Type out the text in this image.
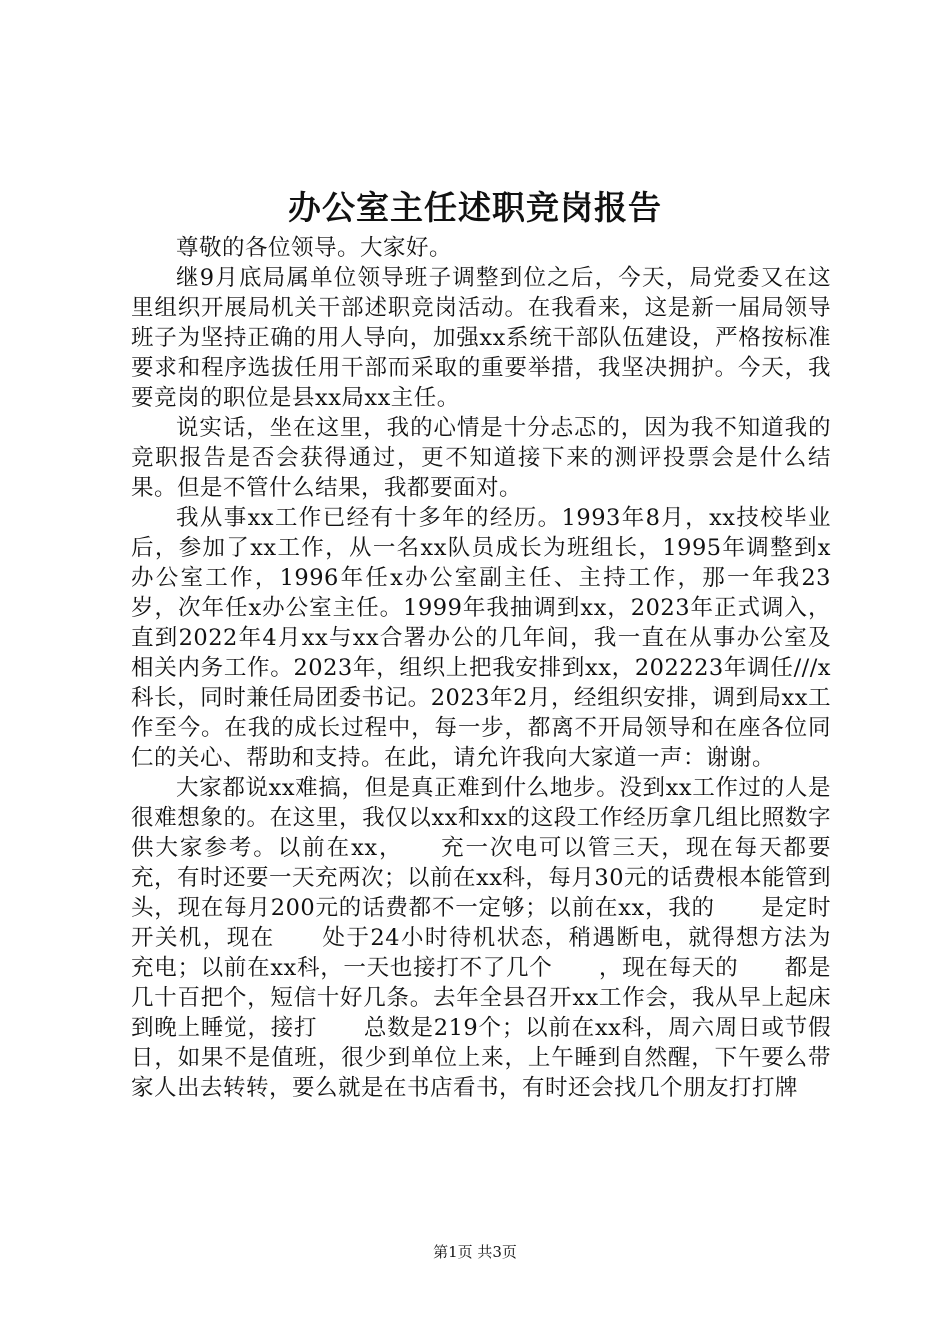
办公室主任述职竞岗报告

尊敬的各位领导。大家好。

继9月底局属单位领导班子调整到位之后，今天，局党委又在这里组织开展局机关干部述职竞岗活动。在我看来，这是新一届局领导班子为坚持正确的用人导向，加强xx系统干部队伍建设，严格按标准要求和程序选拔任用干部而采取的重要举措，我坚决拥护。今天，我要竞岗的职位是县xx局xx主任。

说实话，坐在这里，我的心情是十分忐忑的，因为我不知道我的竞职报告是否会获得通过，更不知道接下来的测评投票会是什么结果。但是不管什么结果，我都要面对。

我从事xx工作已经有十多年的经历。1993年8月，xx技校毕业后，参加了xx工作，从一名xx队员成长为班组长，1995年调整到x办公室工作，1996年任x办公室副主任、主持工作，那一年我23岁，次年任x办公室主任。1999年我抽调到xx，2023年正式调入，直到2022年4月xx与xx合署办公的几年间，我一直在从事办公室及相关内务工作。2023年，组织上把我安排到xx，202223年调任///x科长，同时兼任局团委书记。2023年2月，经组织安排，调到局xx工作至今。在我的成长过程中，每一步，都离不开局领导和在座各位同仁的关心、帮助和支持。在此，请允许我向大家道一声：谢谢。

大家都说xx难搞，但是真正难到什么地步。没到xx工作过的人是很难想象的。在这里，我仅以xx和xx的这段工作经历拿几组比照数字供大家参考。以前在xx，　　充一次电可以管三天，现在每天都要充，有时还要一天充两次；以前在xx科，每月30元的话费根本能管到头，现在每月200元的话费都不一定够；以前在xx，我的　　是定时开关机，现在　　处于24小时待机状态，稍遇断电，就得想方法为　　充电；以前在xx科，一天也接打不了几个　　，现在每天的　　都是几十百把个，短信十好几条。去年全县召开xx工作会，我从早上起床到晚上睡觉，接打　　总数是219个；以前在xx科，周六周日或节假日，如果不是值班，很少到单位上来，上午睡到自然醒，下午要么带家人出去转转，要么就是在书店看书，有时还会找几个朋友打打牌

第1页 共3页
